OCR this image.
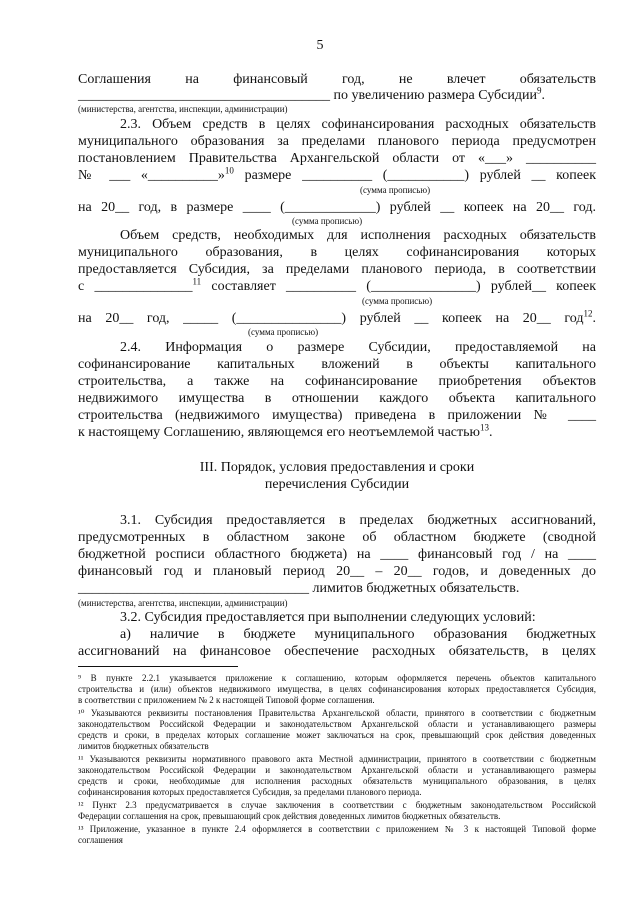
5
Соглашения на финансовый год, не влечет обязательств
____________________________________ по увеличению размера Субсидии$^9$.
2.3. Объем средств в целях софинансирования расходных обязательств
муниципального образования за пределами планового периода предусмотрен
постановлением Правительства Архангельской области от «___» __________
№ ___ «__________»$^{10}$ размере __________ (___________) рублей __ копеек
на 20__ год, в размере ____ (_____________) рублей __ копеек на 20__ год.
Объем средств, необходимых для исполнения расходных обязательств
муниципального образования, в целях софинансирования которых
предоставляется Субсидия, за пределами планового периода, в соответствии
с ______________$^{11}$ составляет __________ (_______________) рублей__ копеек
на 20__ год, _____ (_______________) рублей __ копеек на 20__ год$^{12}$.
2.4. Информация о размере Субсидии, предоставляемой на
софинансирование капитальных вложений в объекты капитального
строительства, а также на софинансирование приобретения объектов
недвижимого имущества в отношении каждого объекта капитального
строительства (недвижимого имущества) приведена в приложении № ____
к настоящему Соглашению, являющемся его неотъемлемой частью$^{13}$.
III. Порядок, условия предоставления и сроки
перечисления Субсидии
3.1. Субсидия предоставляется в пределах бюджетных ассигнований,
предусмотренных в областном законе об областном бюджете (сводной
бюджетной росписи областного бюджета) на ____ финансовый год / на ____
финансовый год и плановый период 20__ – 20__ годов, и доведенных до
_________________________________ лимитов бюджетных обязательств.
3.2. Субсидия предоставляется при выполнении следующих условий:
а) наличие в бюджете муниципального образования бюджетных
ассигнований на финансовое обеспечение расходных обязательств, в целях
(министерства, агентства, инспекции, администрации)
(сумма прописью)
(сумма прописью)
(сумма прописью)
(сумма прописью)
(министерства, агентства, инспекции, администрации)
⁹ В пункте 2.2.1 указывается приложение к соглашению, которым оформляется перечень объектов капитального
строительства и (или) объектов недвижимого имущества, в целях софинансирования которых предоставляется Субсидия,
в соответствии с приложением № 2 к настоящей Типовой форме соглашения.
¹⁰ Указываются реквизиты постановления Правительства Архангельской области, принятого в соответствии с бюджетным
законодательством Российской Федерации и законодательством Архангельской области и устанавливающего размеры
средств и сроки, в пределах которых соглашение может заключаться на срок, превышающий срок действия доведенных
лимитов бюджетных обязательств
¹¹ Указываются реквизиты нормативного правового акта Местной администрации, принятого в соответствии с бюджетным
законодательством Российской Федерации и законодательством Архангельской области и устанавливающего размеры
средств и сроки, необходимые для исполнения расходных обязательств муниципального образования, в целях
софинансирования которых предоставляется Субсидия, за пределами планового периода.
¹² Пункт 2.3 предусматривается в случае заключения в соответствии с бюджетным законодательством Российской
Федерации соглашения на срок, превышающий срок действия доведенных лимитов бюджетных обязательств.
¹³ Приложение, указанное в пункте 2.4 оформляется в соответствии с приложением № 3 к настоящей Типовой форме
соглашения
